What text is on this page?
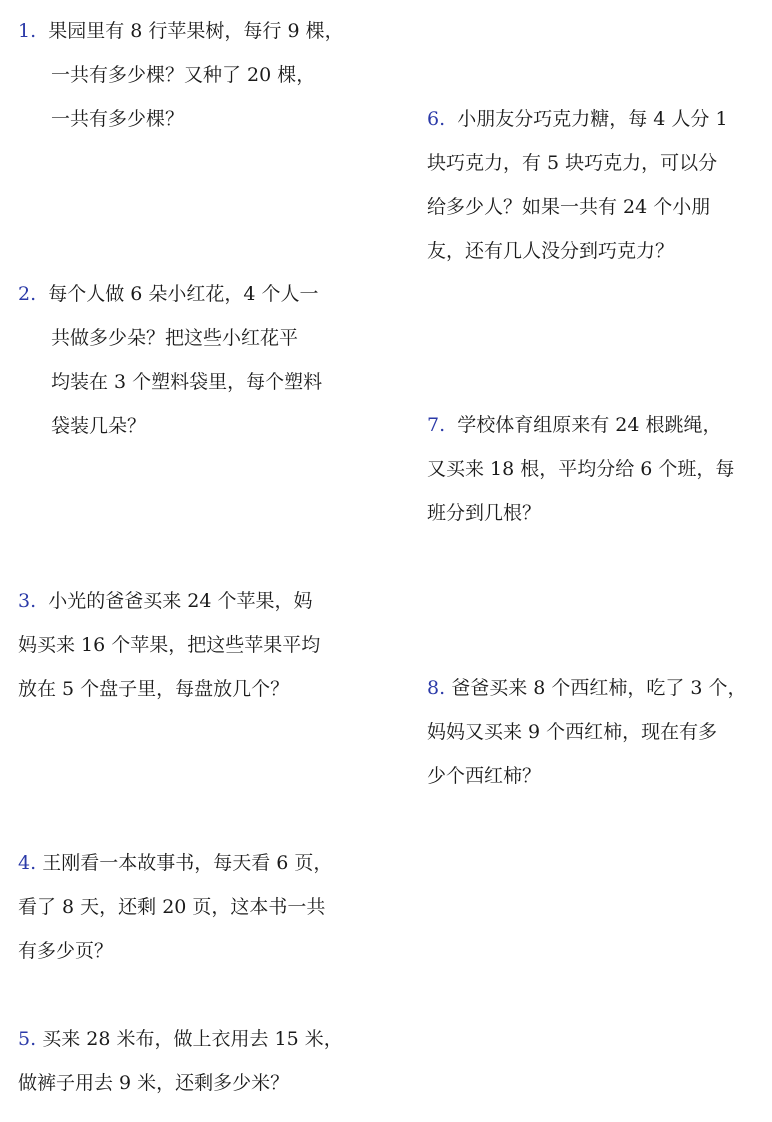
1. 果园里有 8 行苹果树，每行 9 棵，
一共有多少棵？又种了 20 棵，
一共有多少棵？
2. 每个人做 6 朵小红花，4 个人一
共做多少朵？把这些小红花平
均装在 3 个塑料袋里，每个塑料
袋装几朵？
3. 小光的爸爸买来 24 个苹果，妈
妈买来 16 个苹果，把这些苹果平均
放在 5 个盘子里，每盘放几个？
4. 王刚看一本故事书，每天看 6 页，
看了 8 天，还剩 20 页，这本书一共
有多少页？
5. 买来 28 米布，做上衣用去 15 米，
做裤子用去 9 米，还剩多少米？
6. 小朋友分巧克力糖，每 4 人分 1
块巧克力，有 5 块巧克力，可以分
给多少人？如果一共有 24 个小朋
友，还有几人没分到巧克力？
7. 学校体育组原来有 24 根跳绳，
又买来 18 根，平均分给 6 个班，每
班分到几根？
8. 爸爸买来 8 个西红柿，吃了 3 个，
妈妈又买来 9 个西红柿，现在有多
少个西红柿？
